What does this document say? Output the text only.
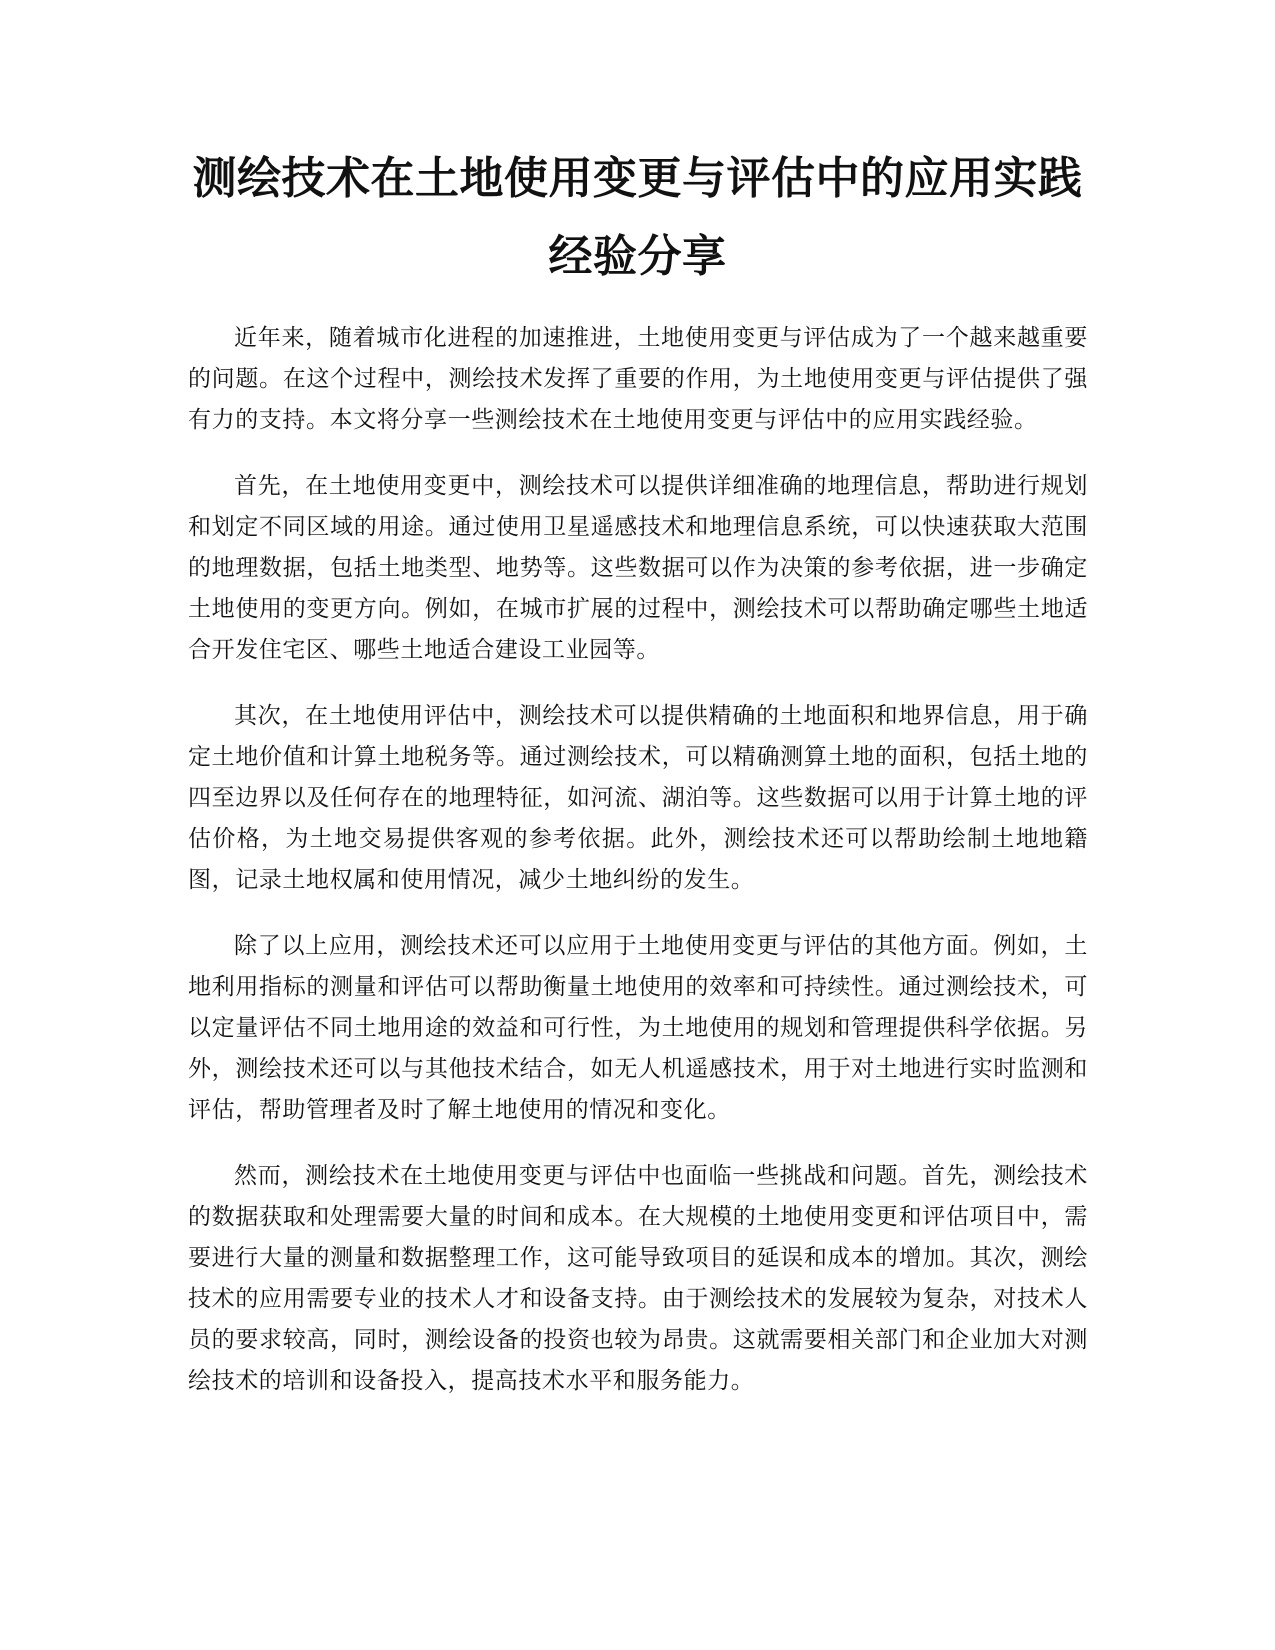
测绘技术在土地使用变更与评估中的应用实践经验分享

近年来，随着城市化进程的加速推进，土地使用变更与评估成为了一个越来越重要的问题。在这个过程中，测绘技术发挥了重要的作用，为土地使用变更与评估提供了强有力的支持。本文将分享一些测绘技术在土地使用变更与评估中的应用实践经验。

首先，在土地使用变更中，测绘技术可以提供详细准确的地理信息，帮助进行规划和划定不同区域的用途。通过使用卫星遥感技术和地理信息系统，可以快速获取大范围的地理数据，包括土地类型、地势等。这些数据可以作为决策的参考依据，进一步确定土地使用的变更方向。例如，在城市扩展的过程中，测绘技术可以帮助确定哪些土地适合开发住宅区、哪些土地适合建设工业园等。

其次，在土地使用评估中，测绘技术可以提供精确的土地面积和地界信息，用于确定土地价值和计算土地税务等。通过测绘技术，可以精确测算土地的面积，包括土地的四至边界以及任何存在的地理特征，如河流、湖泊等。这些数据可以用于计算土地的评估价格，为土地交易提供客观的参考依据。此外，测绘技术还可以帮助绘制土地地籍图，记录土地权属和使用情况，减少土地纠纷的发生。

除了以上应用，测绘技术还可以应用于土地使用变更与评估的其他方面。例如，土地利用指标的测量和评估可以帮助衡量土地使用的效率和可持续性。通过测绘技术，可以定量评估不同土地用途的效益和可行性，为土地使用的规划和管理提供科学依据。另外，测绘技术还可以与其他技术结合，如无人机遥感技术，用于对土地进行实时监测和评估，帮助管理者及时了解土地使用的情况和变化。

然而，测绘技术在土地使用变更与评估中也面临一些挑战和问题。首先，测绘技术的数据获取和处理需要大量的时间和成本。在大规模的土地使用变更和评估项目中，需要进行大量的测量和数据整理工作，这可能导致项目的延误和成本的增加。其次，测绘技术的应用需要专业的技术人才和设备支持。由于测绘技术的发展较为复杂，对技术人员的要求较高，同时，测绘设备的投资也较为昂贵。这就需要相关部门和企业加大对测绘技术的培训和设备投入，提高技术水平和服务能力。
